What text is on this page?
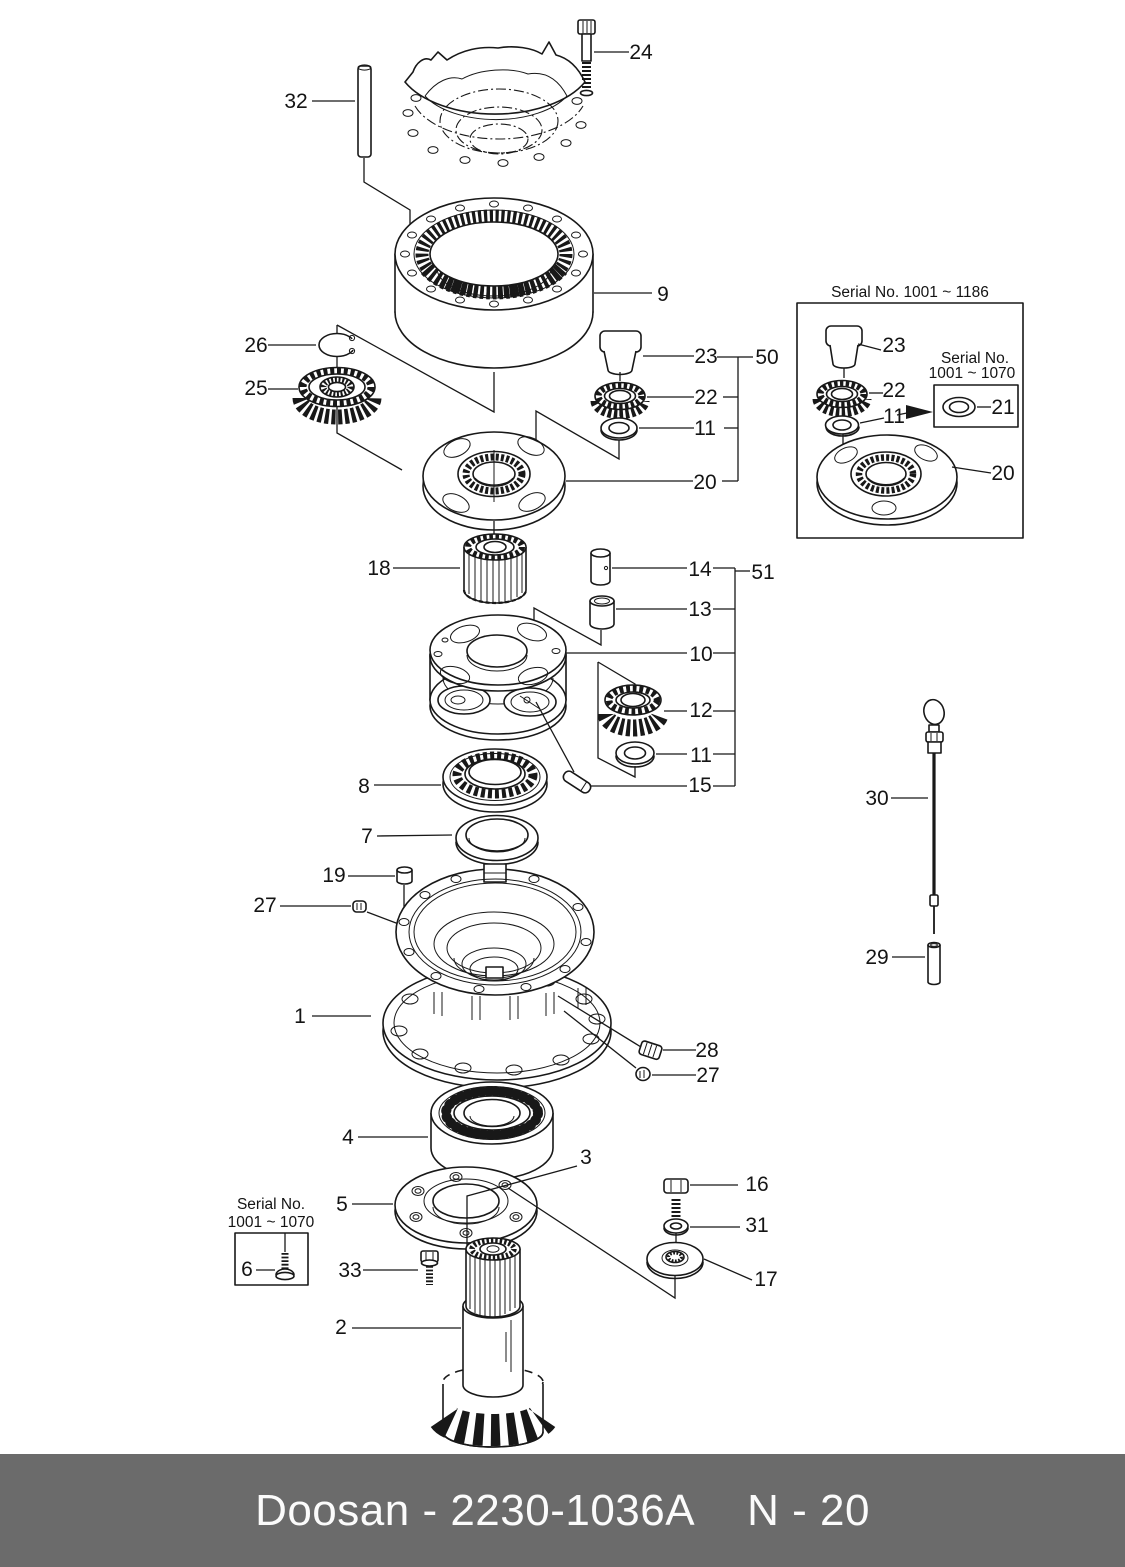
24
32
9
26
25
23
22
11
50
20
18	14
13
51
10
12
11
15
8
7
19
27
1
28
27
4
5
3
16
31
17
Serial No.
1001 ~ 1070
6	33
2
30
29
Serial No. 1001 ~ 1186
23
22
11
Serial No.
1001 ~ 1070
21
20
Doosan - 2230-1036A N - 20
